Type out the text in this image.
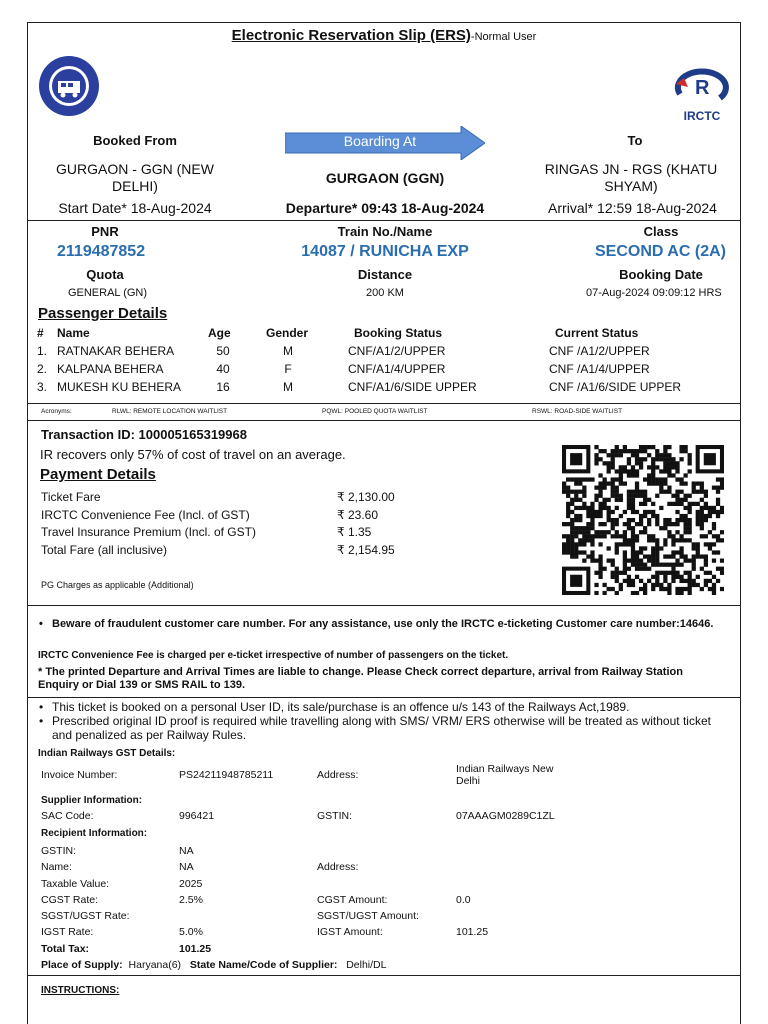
Electronic Reservation Slip (ERS)-Normal User
R
IRCTC
Booked From	Boarding At	To
GURGAON - GGN (NEW DELHI)	GURGAON (GGN)
RINGAS JN - RGS (KHATU SHYAM)
Start Date* 18-Aug-2024	Departure* 09:43 18-Aug-2024	Arrival* 12:59 18-Aug-2024
PNR	Train No./Name	Class
2119487852	14087 / RUNICHA EXP	SECOND AC (2A)
Quota	Distance	Booking Date
GENERAL (GN)	200 KM	07-Aug-2024 09:09:12 HRS
Passenger Details
# Name	Age	Gender	Booking Status	Current Status
1. RATNAKAR BEHERA	50	M	CNF/A1/2/UPPER	CNF /A1/2/UPPER
2. KALPANA BEHERA	40	F	CNF/A1/4/UPPER	CNF /A1/4/UPPER
3. MUKESH KU BEHERA	16	M	CNF/A1/6/SIDE UPPER	CNF /A1/6/SIDE UPPER
Acronyms:	RLWL: REMOTE LOCATION WAITLIST	PQWL: POOLED QUOTA WAITLIST	RSWL: ROAD-SIDE WAITLIST
Transaction ID: 100005165319968
IR recovers only 57% of cost of travel on an average.
Payment Details
Ticket Fare	₹ 2,130.00
IRCTC Convenience Fee (Incl. of GST)	₹ 23.60
Travel Insurance Premium (Incl. of GST)	₹ 1.35
Total Fare (all inclusive)	₹ 2,154.95
PG Charges as applicable (Additional)
• Beware of fraudulent customer care number. For any assistance, use only the IRCTC e-ticketing Customer care number:14646.
IRCTC Convenience Fee is charged per e-ticket irrespective of number of passengers on the ticket.
* The printed Departure and Arrival Times are liable to change. Please Check correct departure, arrival from Railway Station Enquiry or Dial 139 or SMS RAIL to 139.
• This ticket is booked on a personal User ID, its sale/purchase is an offence u/s 143 of the Railways Act,1989.
• Prescribed original ID proof is required while travelling along with SMS/ VRM/ ERS otherwise will be treated as without ticket and penalized as per Railway Rules.
Indian Railways GST Details:
Invoice Number:	PS24211948785211	Address:	Indian Railways New Delhi
Supplier Information:
SAC Code:	996421	GSTIN:	07AAAGM0289C1ZL
Recipient Information:
GSTIN:	NA
Name:	NA	Address:
Taxable Value:	2025
CGST Rate:	2.5%	CGST Amount:	0.0
SGST/UGST Rate:	SGST/UGST Amount:
IGST Rate:	5.0%	IGST Amount:	101.25
Total Tax:	101.25
Place of Supply: Haryana(6) State Name/Code of Supplier: Delhi/DL
INSTRUCTIONS:
